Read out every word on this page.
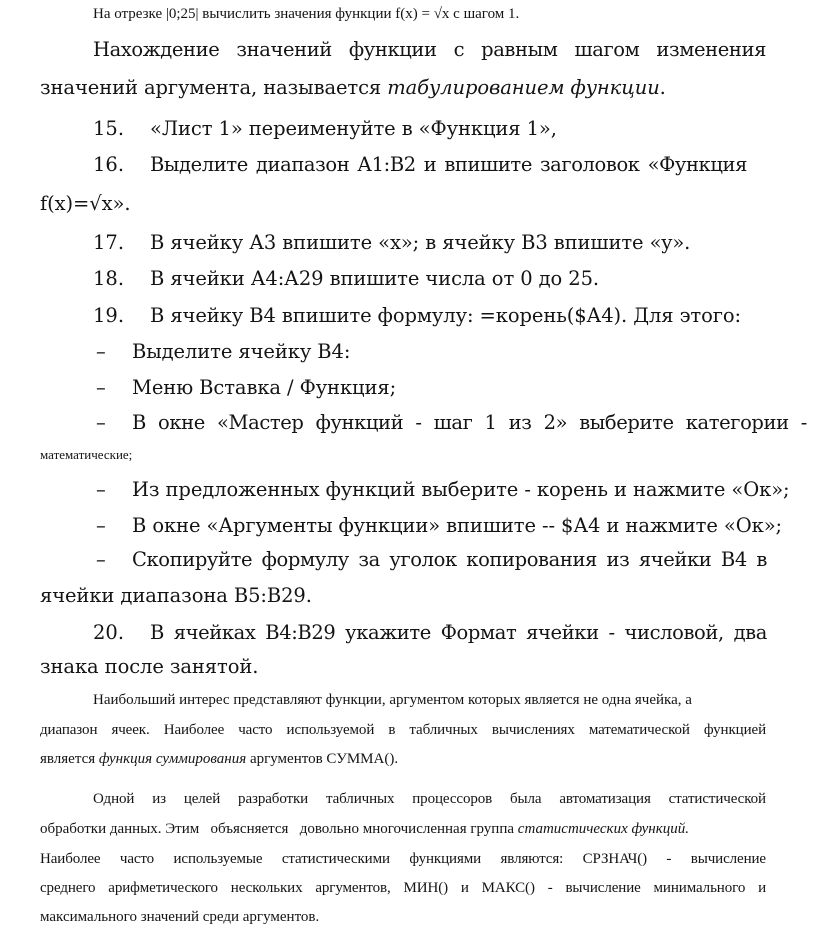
На отрезке |0;25| вычислить значения функции f(x) = √x с шагом 1.
Нахождение значений функции с равным шагом изменения
значений аргумента, называется табулированием функции.
15. «Лист 1» переименуйте в «Функция 1»,
16. Выделите диапазон А1:В2 и впишите заголовок «Функция
f(x)=√x».
17. В ячейку А3 впишите «x»; в ячейку В3 впишите «y».
18. В ячейки А4:А29 впишите числа от 0 до 25.
19. В ячейку В4 впишите формулу: =корень($А4). Для этого:
– Выделите ячейку В4:
– Меню Вставка / Функция;
– В окне «Мастер функций - шаг 1 из 2» выберите категории -
математические;
– Из предложенных функций выберите - корень и нажмите «Ок»;
– В окне «Аргументы функции» впишите -- $А4 и нажмите «Ок»;
– Скопируйте формулу за уголок копирования из ячейки В4 в
ячейки диапазона В5:В29.
20. В ячейках В4:В29 укажите Формат ячейки - числовой, два
знака после занятой.
Наибольший интерес представляют функции, аргументом которых является не одна ячейка, а
диапазон ячеек. Наиболее часто используемой в табличных вычислениях математической функцией
является функция суммирования аргументов СУММА().
Одной из целей разработки табличных процессоров была автоматизация статистической
обработки данных. Этим   объясняется   довольно многочисленная группа статистических функций.
Наиболее часто используемые статистическими функциями являются: СРЗНАЧ() - вычисление
среднего арифметического нескольких аргументов, МИН() и МАКС() - вычисление минимального и
максимального значений среди аргументов.
